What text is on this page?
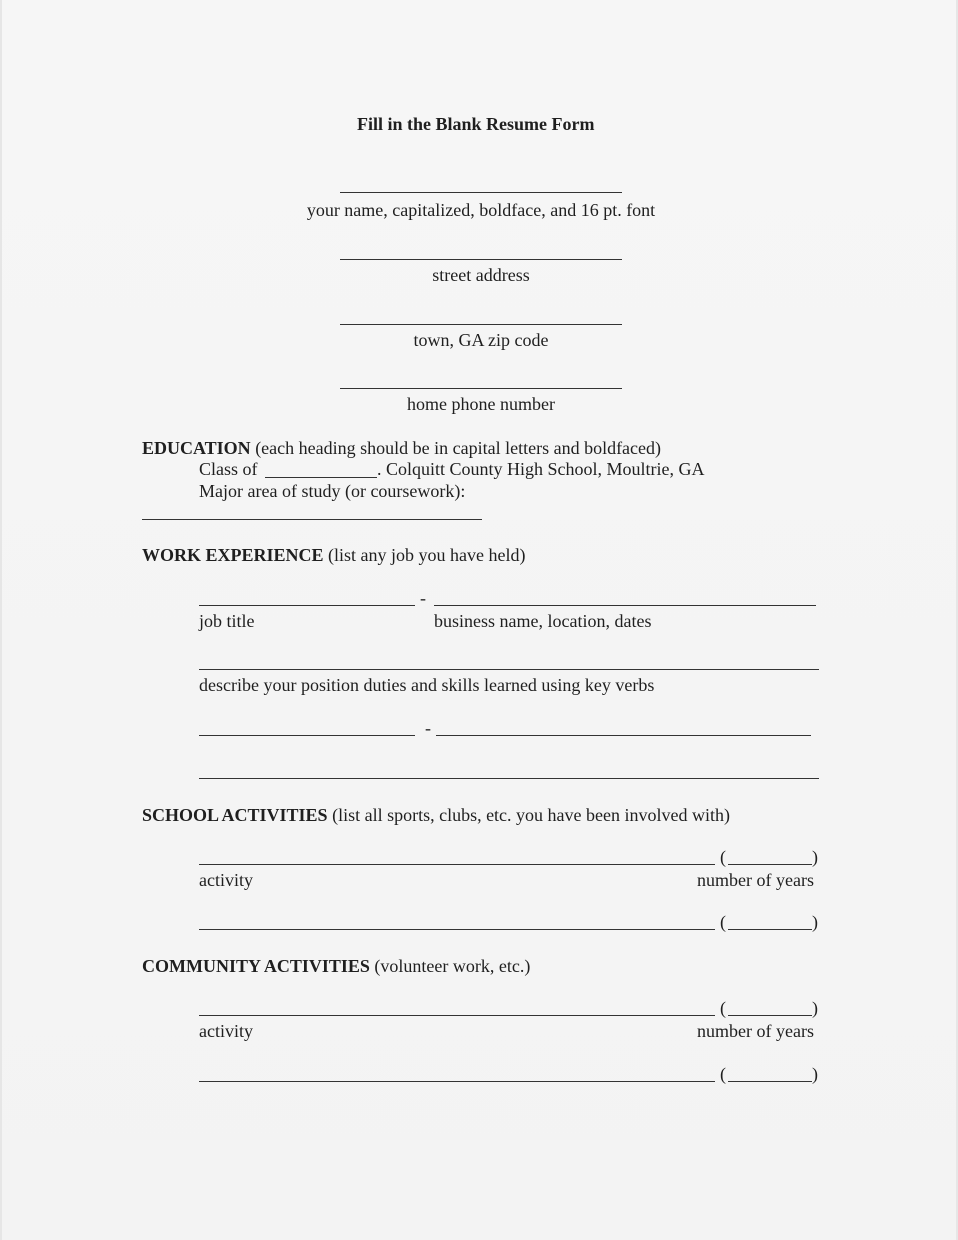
Fill in the Blank Resume Form
your name, capitalized, boldface, and 16 pt. font
street address
town, GA zip code
home phone number
EDUCATION (each heading should be in capital letters and boldfaced)
Class of	. Colquitt County High School, Moultrie, GA
Major area of study (or coursework):
WORK EXPERIENCE (list any job you have held)
-
job title	business name, location, dates
describe your position duties and skills learned using key verbs
-
SCHOOL ACTIVITIES (list all sports, clubs, etc. you have been involved with)
(	)
activity	number of years
(	)
COMMUNITY ACTIVITIES (volunteer work, etc.)
(	)
activity	number of years
(	)
